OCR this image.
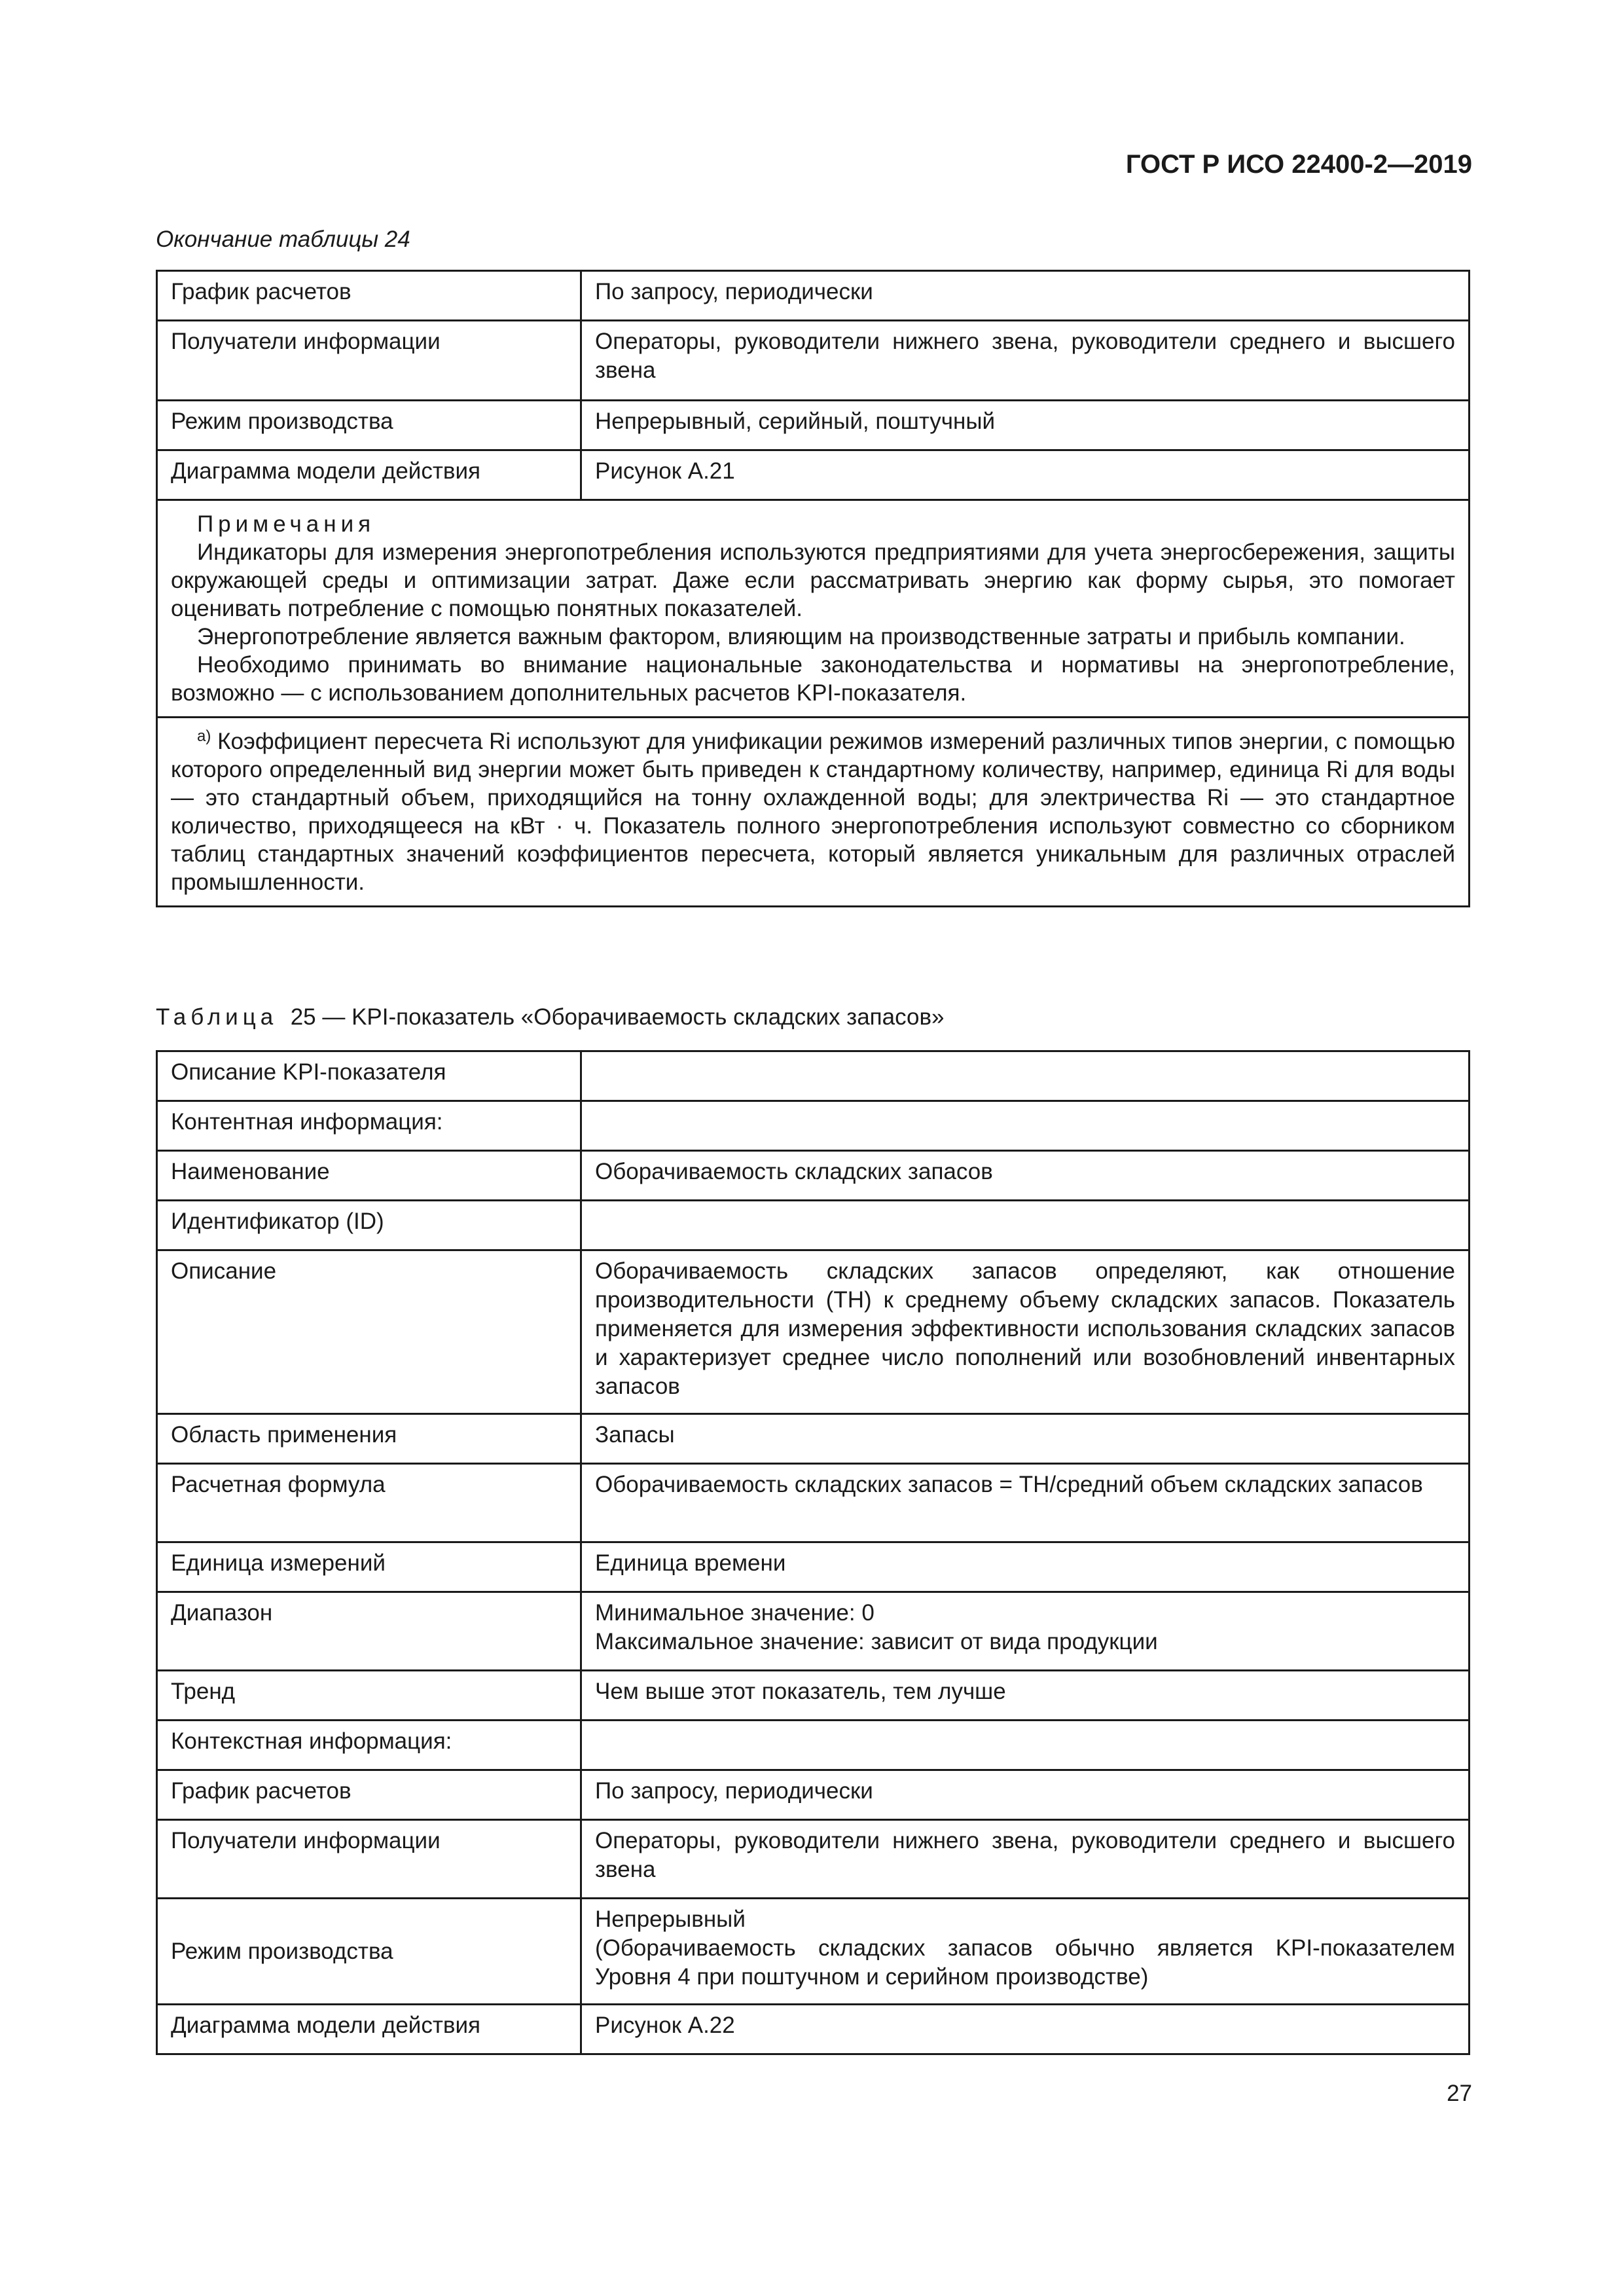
ГОСТ Р ИСО 22400-2—2019
Окончание таблицы 24
График расчетов	По запросу, периодически
Получатели информации	Операторы, руководители нижнего звена, руководители среднего и высшего звена
Режим производства	Непрерывный, серийный, поштучный
Диаграмма модели действия	Рисунок А.21

Примечания
Индикаторы для измерения энергопотребления используются предприятиями для учета энергосбережения, защиты окружающей среды и оптимизации затрат. Даже если рассматривать энергию как форму сырья, это помогает оценивать потребление с помощью понятных показателей.
Энергопотребление является важным фактором, влияющим на производственные затраты и прибыль компании.
Необходимо принимать во внимание национальные законодательства и нормативы на энергопотребление, возможно — с использованием дополнительных расчетов KPI-показателя.	

$^{а)}$ Коэффициент пересчета Ri используют для унификации режимов измерений различных типов энергии, с помощью которого определенный вид энергии может быть приведен к стандартному количеству, например, единица Ri для воды — это стандартный объем, приходящийся на тонну охлажденной воды; для электричества Ri — это стандартное количество, приходящееся на кВт · ч. Показатель полного энергопотребления используют совместно со сборником таблиц стандартных значений коэффициентов пересчета, который является уникальным для различных отраслей промышленности.	
Таблица 25 — KPI-показатель «Оборачиваемость складских запасов»
Описание KPI-показателя	
Контентная информация:	
Наименование	Оборачиваемость складских запасов
Идентификатор (ID)	
Описание	Оборачиваемость складских запасов определяют, как отношение производительности (TH) к среднему объему складских запасов. Показатель применяется для измерения эффективности использования складских запасов и характеризует среднее число пополнений или возобновлений инвентарных запасов
Область применения	Запасы
Расчетная формула	Оборачиваемость складских запасов = TH/средний объем складских запасов
Единица измерений	Единица времени
Диапазон	Минимальное значение: 0
Максимальное значение: зависит от вида продукции

Тренд	Чем выше этот показатель, тем лучше
Контекстная информация:	
График расчетов	По запросу, периодически
Получатели информации	Операторы, руководители нижнего звена, руководители среднего и высшего звена
Режим производства	Непрерывный
(Оборачиваемость складских запасов обычно является KPI-показателем Уровня 4 при поштучном и серийном производстве)

Диаграмма модели действия	Рисунок А.22
27
